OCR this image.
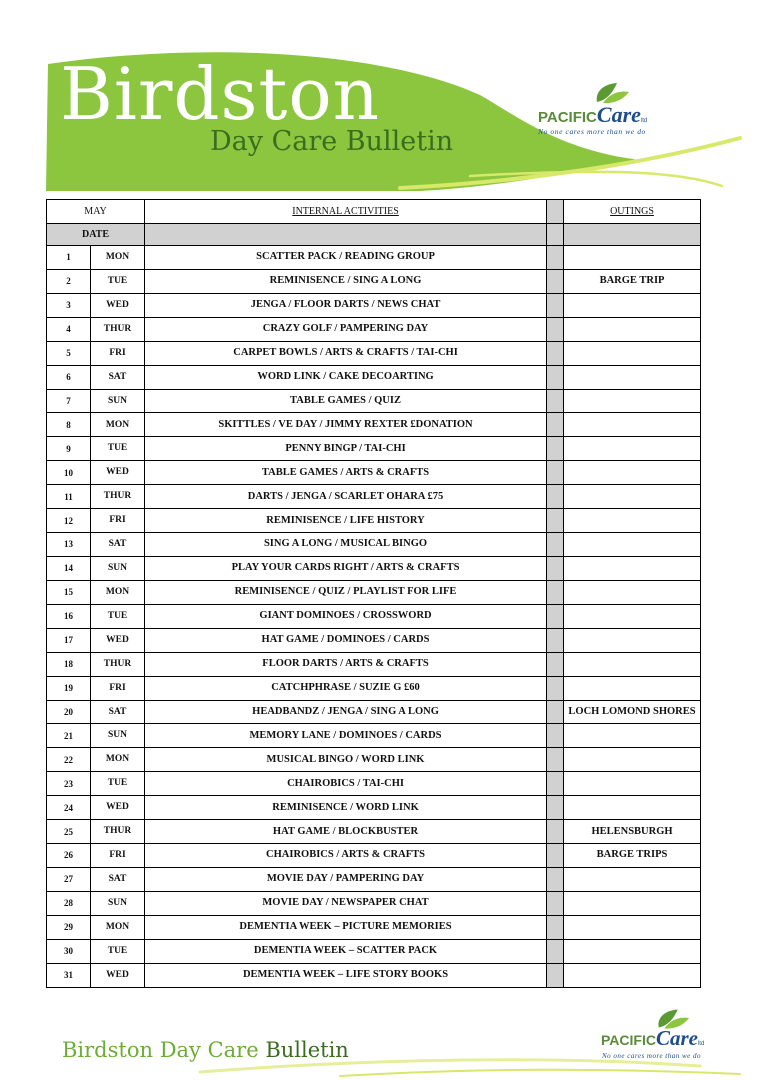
Birdston
Day Care Bulletin
PACIFICCareltd
No one cares more than we do
MAY		INTERNAL ACTIVITIES		OUTINGS
DATE				
1	MON	SCATTER PACK / READING GROUP		
2	TUE	REMINISENCE / SING A LONG		BARGE TRIP
3	WED	JENGA / FLOOR DARTS / NEWS CHAT		
4	THUR	CRAZY GOLF / PAMPERING DAY		
5	FRI	CARPET BOWLS / ARTS & CRAFTS / TAI-CHI		
6	SAT	WORD LINK / CAKE DECOARTING		
7	SUN	TABLE GAMES / QUIZ		
8	MON	SKITTLES / VE DAY / JIMMY REXTER £DONATION		
9	TUE	PENNY BINGP / TAI-CHI		
10	WED	TABLE GAMES / ARTS & CRAFTS		
11	THUR	DARTS / JENGA / SCARLET OHARA £75		
12	FRI	REMINISENCE / LIFE HISTORY		
13	SAT	SING A LONG / MUSICAL BINGO		
14	SUN	PLAY YOUR CARDS RIGHT / ARTS & CRAFTS		
15	MON	REMINISENCE / QUIZ / PLAYLIST FOR LIFE		
16	TUE	GIANT DOMINOES / CROSSWORD		
17	WED	HAT GAME / DOMINOES / CARDS		
18	THUR	FLOOR DARTS / ARTS & CRAFTS		
19	FRI	CATCHPHRASE / SUZIE G £60		
20	SAT	HEADBANDZ / JENGA / SING A LONG		LOCH LOMOND SHORES
21	SUN	MEMORY LANE / DOMINOES / CARDS		
22	MON	MUSICAL BINGO / WORD LINK		
23	TUE	CHAIROBICS / TAI-CHI		
24	WED	REMINISENCE / WORD LINK		
25	THUR	HAT GAME / BLOCKBUSTER		HELENSBURGH
26	FRI	CHAIROBICS / ARTS & CRAFTS		BARGE TRIPS
27	SAT	MOVIE DAY / PAMPERING DAY		
28	SUN	MOVIE DAY / NEWSPAPER CHAT		
29	MON	DEMENTIA WEEK – PICTURE MEMORIES		
30	TUE	DEMENTIA WEEK – SCATTER PACK		
31	WED	DEMENTIA WEEK – LIFE STORY BOOKS		
Birdston Day Care Bulletin	PACIFICCareltd
No one cares more than we do
